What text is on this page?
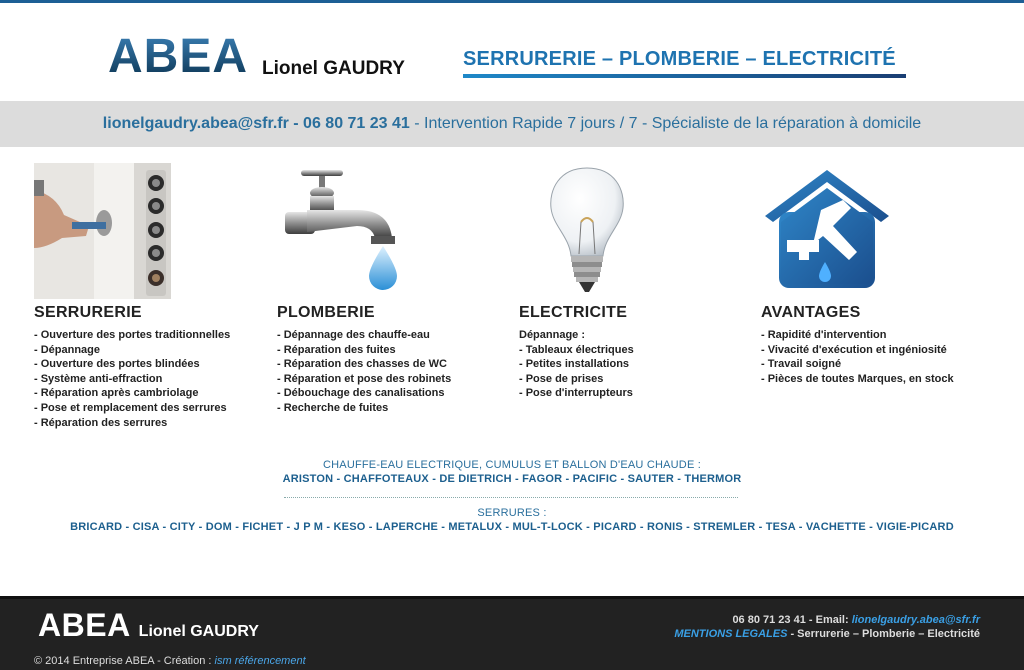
ABEA Lionel GAUDRY	SERRURERIE – PLOMBERIE – ELECTRICITÉ
lionelgaudry.abea@sfr.fr - 06 80 71 23 41 - Intervention Rapide 7 jours / 7 - Spécialiste de la réparation à domicile
SERRURERIE
- Ouverture des portes traditionnelles
- Dépannage
- Ouverture des portes blindées
- Système anti-effraction
- Réparation après cambriolage
- Pose et remplacement des serrures
- Réparation des serrures
PLOMBERIE
- Dépannage des chauffe-eau
- Réparation des fuites
- Réparation des chasses de WC
- Réparation et pose des robinets
- Débouchage des canalisations
- Recherche de fuites
ELECTRICITE
Dépannage :
- Tableaux électriques
- Petites installations
- Pose de prises
- Pose d'interrupteurs
AVANTAGES
- Rapidité d'intervention
- Vivacité d'exécution et ingéniosité
- Travail soigné
- Pièces de toutes Marques, en stock
CHAUFFE-EAU ELECTRIQUE, CUMULUS ET BALLON D'EAU CHAUDE :
ARISTON - CHAFFOTEAUX - DE DIETRICH - FAGOR - PACIFIC - SAUTER - THERMOR
SERRURES :
BRICARD - CISA - CITY - DOM - FICHET - J P M - KESO - LAPERCHE - METALUX - MUL-T-LOCK - PICARD - RONIS - STREMLER - TESA - VACHETTE - VIGIE-PICARD
ABEA Lionel GAUDRY
© 2014 Entreprise ABEA - Création : ism référencement
06 80 71 23 41 - Email: lionelgaudry.abea@sfr.fr
MENTIONS LEGALES - Serrurerie – Plomberie – Electricité
